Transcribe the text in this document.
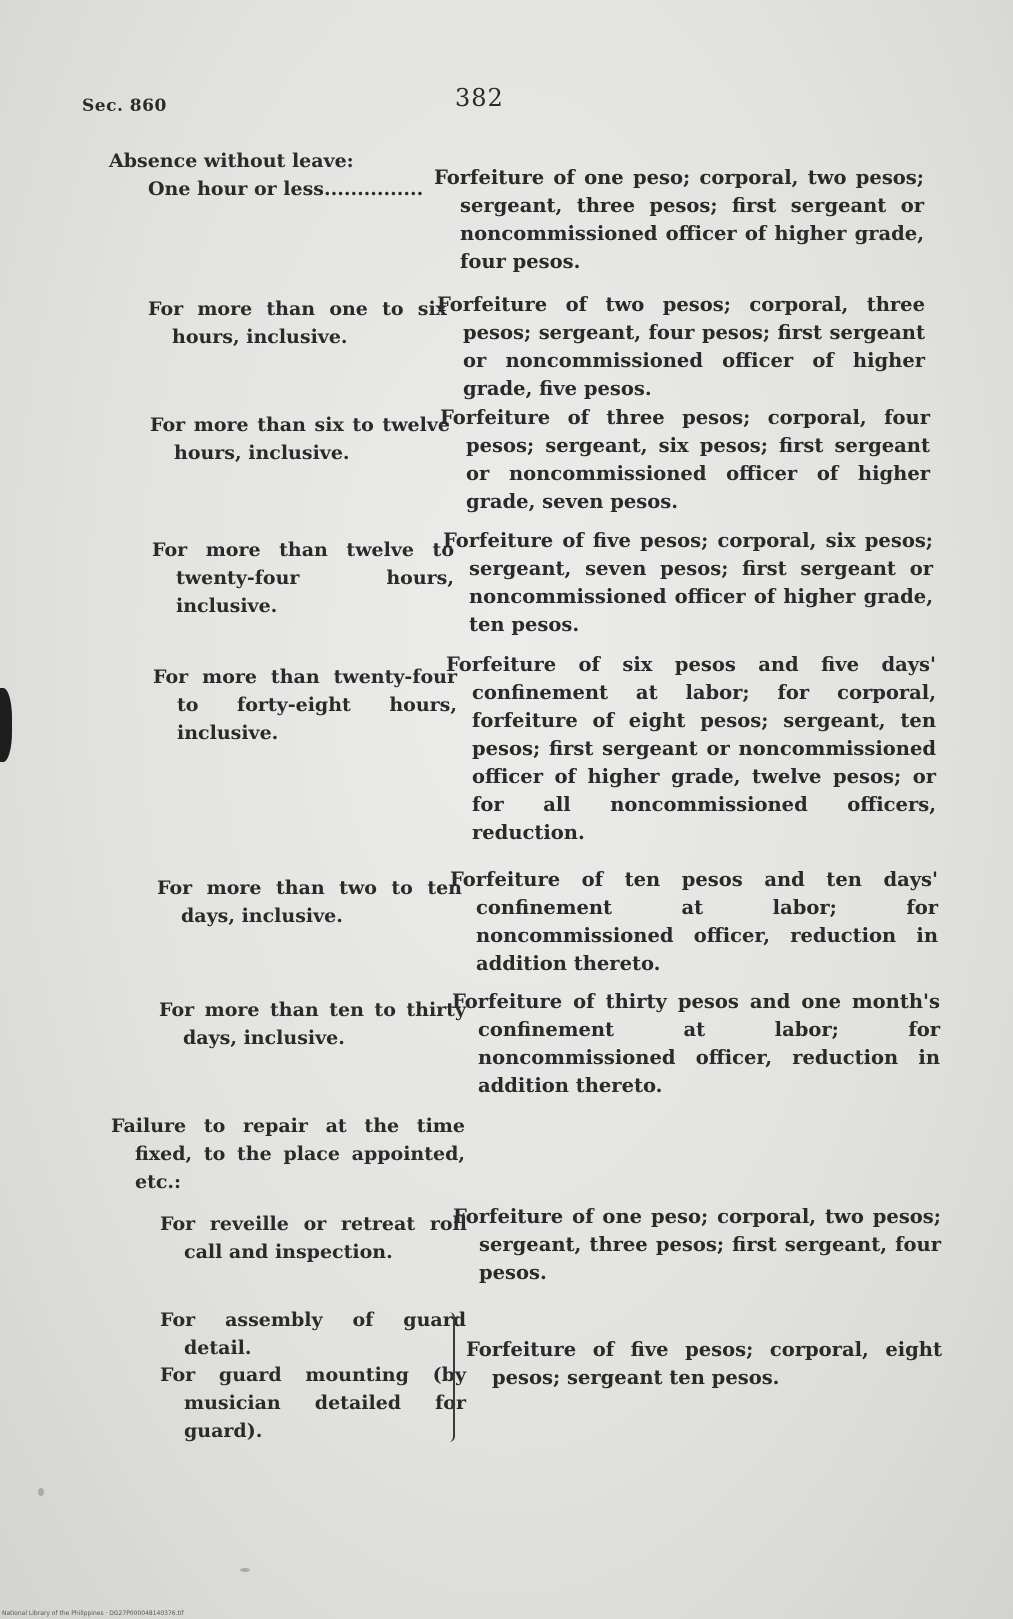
Sec. 860	382
Absence without leave:
One hour or less............... Forfeiture of one peso; corporal, two pesos; sergeant, three pesos; first sergeant or noncommissioned officer of higher grade, four pesos.
For more than one to six hours, inclusive.
Forfeiture of two pesos; corporal, three pesos; sergeant, four pesos; first sergeant or noncommissioned officer of higher grade, five pesos.
For more than six to twelve hours, inclusive.
Forfeiture of three pesos; corporal, four pesos; sergeant, six pesos; first sergeant or noncommissioned officer of higher grade, seven pesos.
For more than twelve to twenty-four hours, inclusive.
Forfeiture of five pesos; corporal, six pesos; sergeant, seven pesos; first sergeant or noncommissioned officer of higher grade, ten pesos.
For more than twenty-four to forty-eight hours, inclusive.
Forfeiture of six pesos and five days' confinement at labor; for corporal, forfeiture of eight pesos; sergeant, ten pesos; first sergeant or noncommissioned officer of higher grade, twelve pesos; or for all noncommissioned officers, reduction.
For more than two to ten days, inclusive.
Forfeiture of ten pesos and ten days' confinement at labor; for noncommissioned officer, reduction in addition thereto.
For more than ten to thirty days, inclusive.
Forfeiture of thirty pesos and one month's confinement at labor; for noncommissioned officer, reduction in addition thereto.
Failure to repair at the time fixed, to the place appointed, etc.:
For reveille or retreat roll call and inspection.
Forfeiture of one peso; corporal, two pesos; sergeant, three pesos; first sergeant, four pesos.
For assembly of guard detail.
For guard mounting (by musician detailed for guard).
Forfeiture of five pesos; corporal, eight pesos; sergeant ten pesos.
National Library of the Philippines · DG27P000048140376.tif
